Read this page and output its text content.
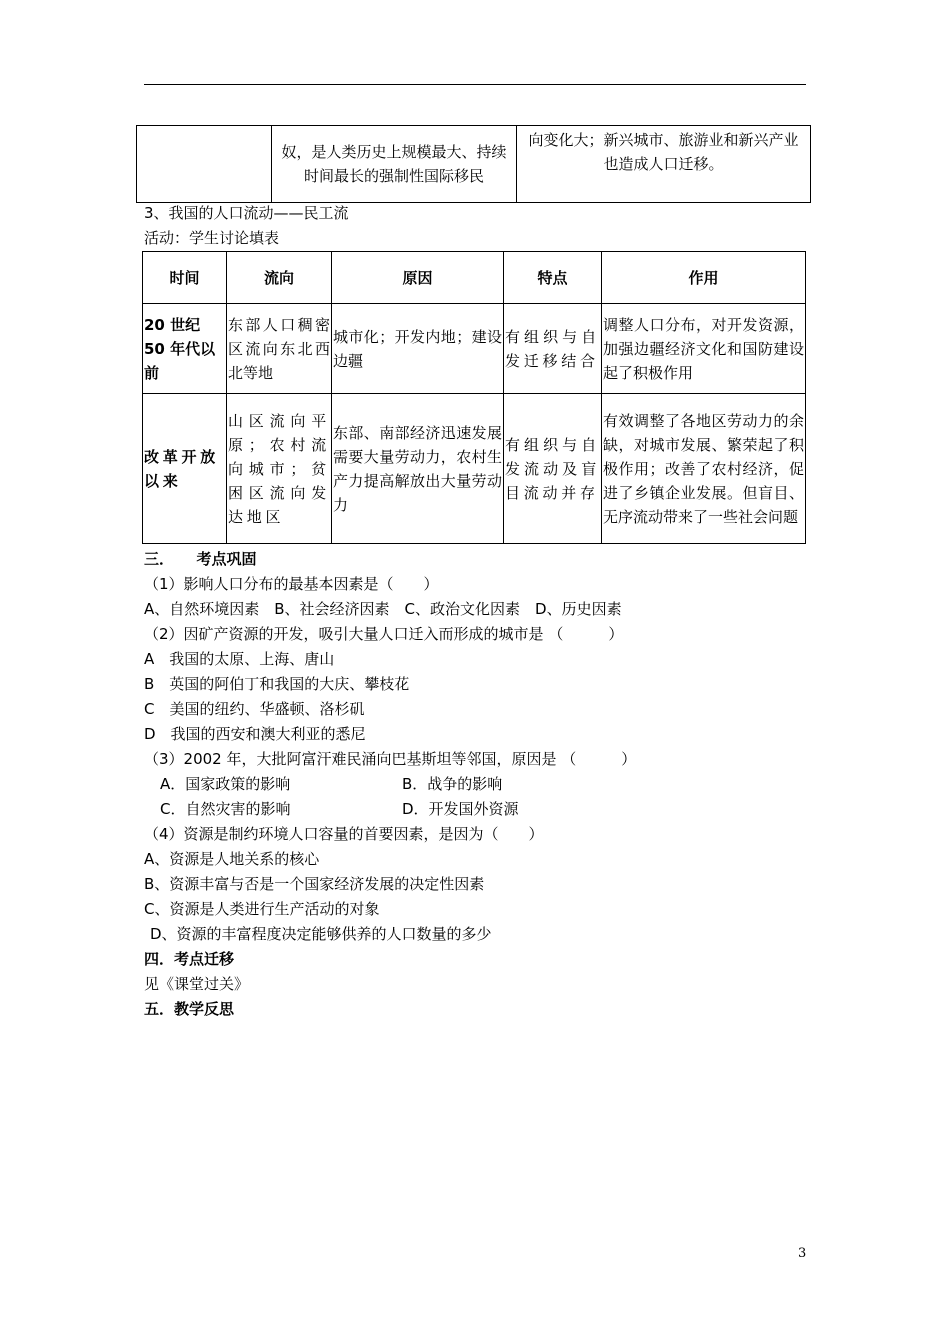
	奴，是人类历史上规模最大、持续时间最长的强制性国际移民	向变化大；新兴城市、旅游业和新兴产业也造成人口迁移。
3、我国的人口流动——民工流
活动：学生讨论填表
时间	流向	原因	特点	作用
20 世纪 50 年代以前	东部人口稠密区流向东北西北等地	城市化；开发内地；建设边疆	有组织与自发迁移结合	调整人口分布，对开发资源，加强边疆经济文化和国防建设起了积极作用
改革开放以来	山区流向平原；农村流向城市；贫困区流向发达地区	东部、南部经济迅速发展需要大量劳动力，农村生产力提高解放出大量劳动力	有组织与自发流动及盲目流动并存	有效调整了各地区劳动力的余缺，对城市发展、繁荣起了积极作用；改善了农村经济，促进了乡镇企业发展。但盲目、无序流动带来了一些社会问题
三．　　考点巩固
（1）影响人口分布的最基本因素是（　　）
A、自然环境因素　B、社会经济因素　C、政治文化因素　D、历史因素
（2）因矿产资源的开发，吸引大量人口迁入而形成的城市是 （　　　）
A　我国的太原、上海、唐山
B　英国的阿伯丁和我国的大庆、攀枝花
C　美国的纽约、华盛顿、洛杉矶
D　我国的西安和澳大利亚的悉尼
（3）2002 年，大批阿富汗难民涌向巴基斯坦等邻国，原因是 （　　　）
A．国家政策的影响	B．战争的影响
C．自然灾害的影响	D．开发国外资源
（4）资源是制约环境人口容量的首要因素，是因为（　　）
A、资源是人地关系的核心
B、资源丰富与否是一个国家经济发展的决定性因素
C、资源是人类进行生产活动的对象
D、资源的丰富程度决定能够供养的人口数量的多少
四．考点迁移
见《课堂过关》
五．教学反思
3
